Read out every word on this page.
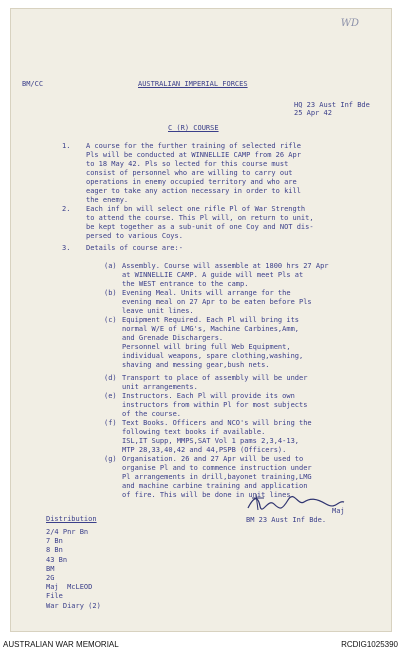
WD
BM/CC	AUSTRALIAN IMPERIAL FORCES
HQ 23 Aust Inf Bde
25 Apr 42
C (R) COURSE
1. A course for the further training of selected rifle
Pls will be conducted at WINNELLIE CAMP from 26 Apr
to 18 May 42. Pls so lected for this course must
consist of personnel who are willing to carry out
operations in enemy occupied territory and who are
eager to take any action necessary in order to kill
the enemy.
2. Each inf bn will select one rifle Pl of War Strength
to attend the course. This Pl will, on return to unit,
be kept together as a sub-unit of one Coy and NOT dis-
persed to various Coys.
3. Details of course are:-
(a) Assembly. Course will assemble at 1800 hrs 27 Apr
at WINNELLIE CAMP. A guide will meet Pls at
the WEST entrance to the camp.
(b) Evening Meal. Units will arrange for the
evening meal on 27 Apr to be eaten before Pls
leave unit lines.
(c) Equipment Required. Each Pl will bring its
normal W/E of LMG's, Machine Carbines,Amm,
and Grenade Dischargers.
Personnel will bring full Web Equipment,
individual weapons, spare clothing,washing,
shaving and messing gear,bush nets.
(d) Transport to place of assembly will be under
unit arrangements.
(e) Instructors. Each Pl will provide its own
instructors from within Pl for most subjects
of the course.
(f) Text Books. Officers and NCO's will bring the
following text books if available.
ISL,IT Supp, MMPS,SAT Vol 1 pams 2,3,4-13,
MTP 28,33,40,42 and 44,PSPB (Officers).
(g) Organisation. 26 and 27 Apr will be used to
organise Pl and to commence instruction under
Pl arrangements in drill,bayonet training,LMG
and machine carbine training and application
of fire. This will be done in unit lines.
Maj
BM 23 Aust Inf Bde.
Distribution
2/4 Pnr Bn
7 Bn
8 Bn
43 Bn
BM
2G
Maj  McLEOD
File
War Diary (2)
AUSTRALIAN WAR MEMORIAL	RCDIG1025390
